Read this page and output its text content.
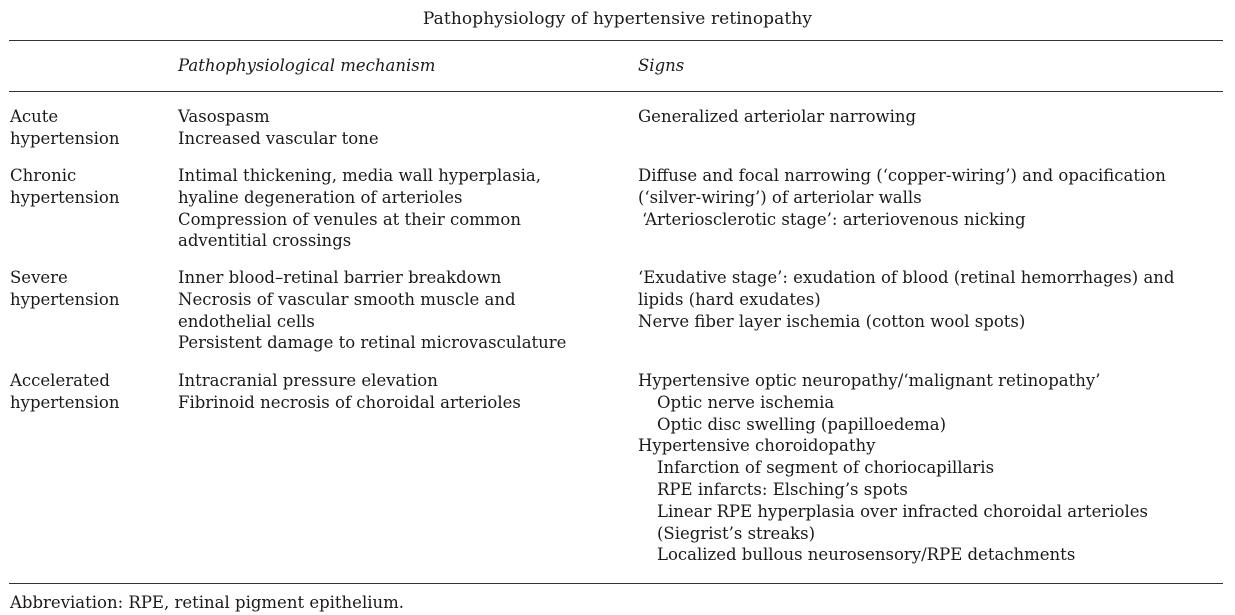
Pathophysiology of hypertensive retinopathy
Pathophysiological mechanism	Signs
Acute
hypertension
Vasospasm
Increased vascular tone
Generalized arteriolar narrowing
Chronic
hypertension
Intimal thickening, media wall hyperplasia,
hyaline degeneration of arterioles
Compression of venules at their common
adventitial crossings
Diffuse and focal narrowing (‘copper-wiring’) and opacification
(‘silver-wiring’) of arteriolar walls
‘Arteriosclerotic stage’: arteriovenous nicking
Severe
hypertension
Inner blood–retinal barrier breakdown
Necrosis of vascular smooth muscle and
endothelial cells
Persistent damage to retinal microvasculature
‘Exudative stage’: exudation of blood (retinal hemorrhages) and
lipids (hard exudates)
Nerve fiber layer ischemia (cotton wool spots)
Accelerated
hypertension
Intracranial pressure elevation
Fibrinoid necrosis of choroidal arterioles
Hypertensive optic neuropathy/‘malignant retinopathy’
Optic nerve ischemia
Optic disc swelling (papilloedema)
Hypertensive choroidopathy
Infarction of segment of choriocapillaris
RPE infarcts: Elsching’s spots
Linear RPE hyperplasia over infracted choroidal arterioles
(Siegrist’s streaks)
Localized bullous neurosensory/RPE detachments
Abbreviation: RPE, retinal pigment epithelium.
